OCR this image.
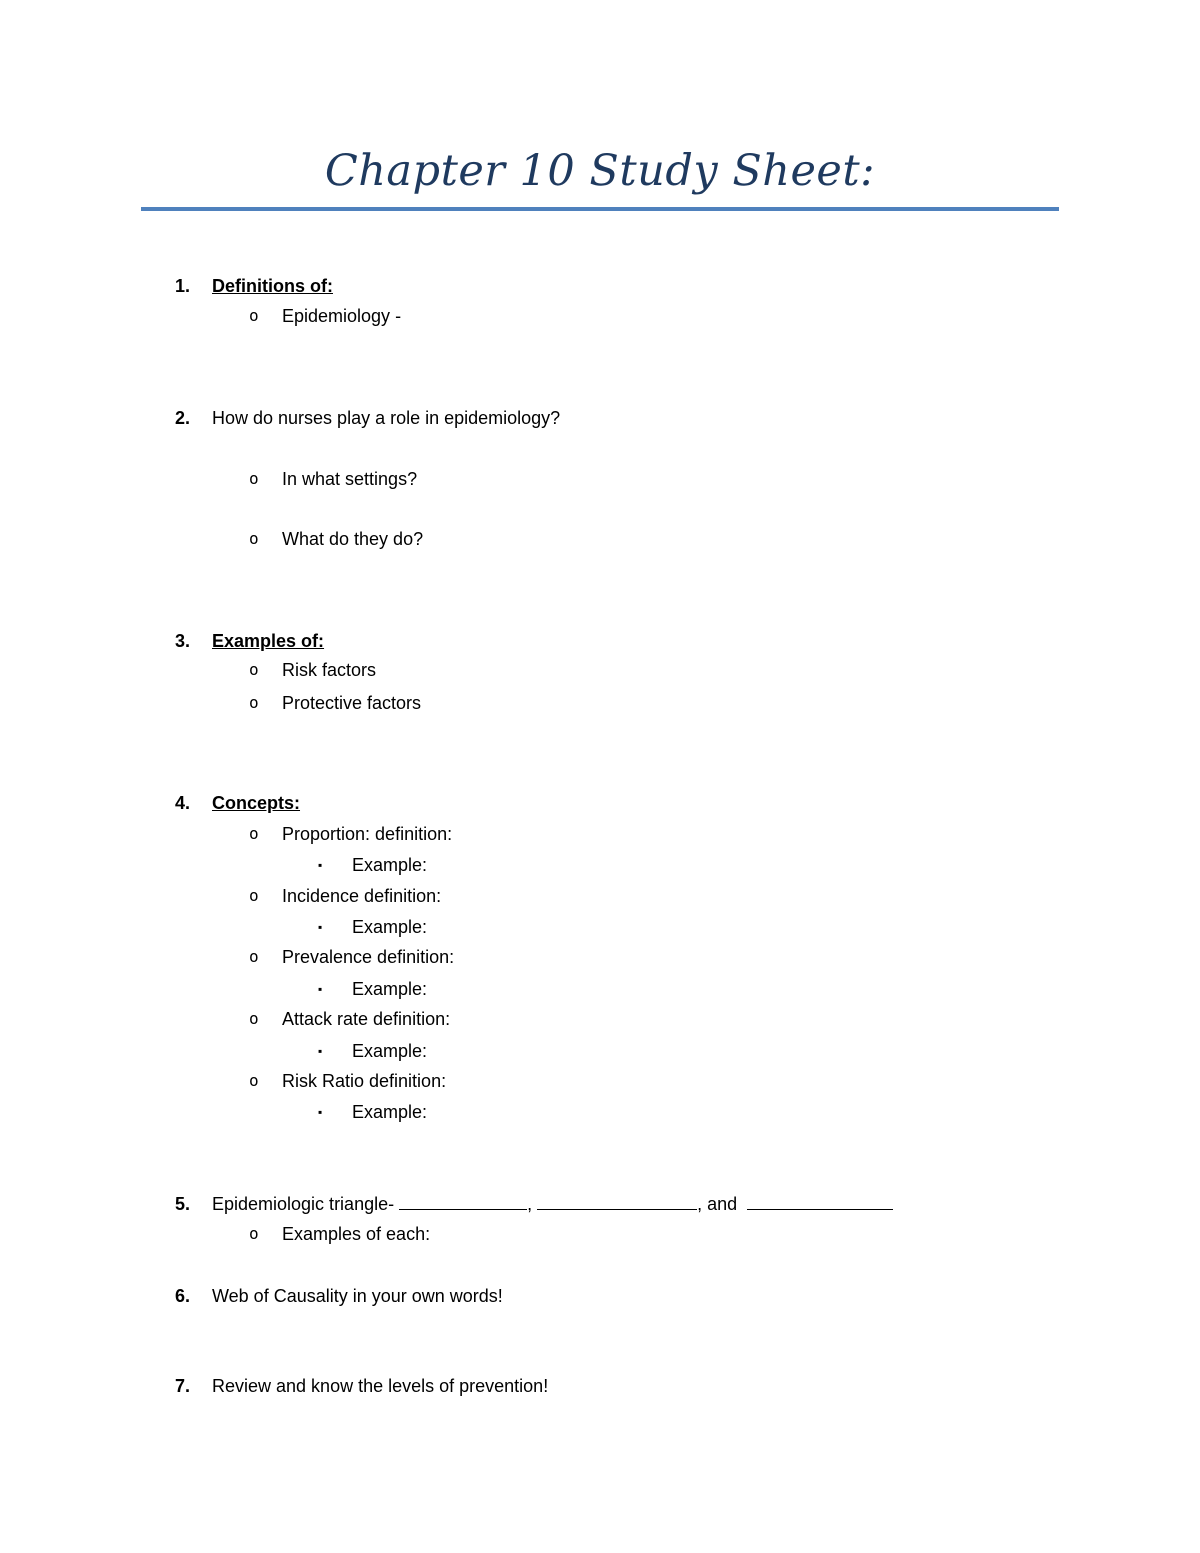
Chapter 10 Study Sheet:
1. Definitions of:
o Epidemiology -
2. How do nurses play a role in epidemiology?
o In what settings?
o What do they do?
3. Examples of:
o Risk factors
o Protective factors
4. Concepts:
o Proportion: definition:
▪ Example:
o Incidence definition:
▪ Example:
o Prevalence definition:
▪ Example:
o Attack rate definition:
▪ Example:
o Risk Ratio definition:
▪ Example:
5. Epidemiologic triangle-	,	, and
o Examples of each:
6. Web of Causality in your own words!
7. Review and know the levels of prevention!
